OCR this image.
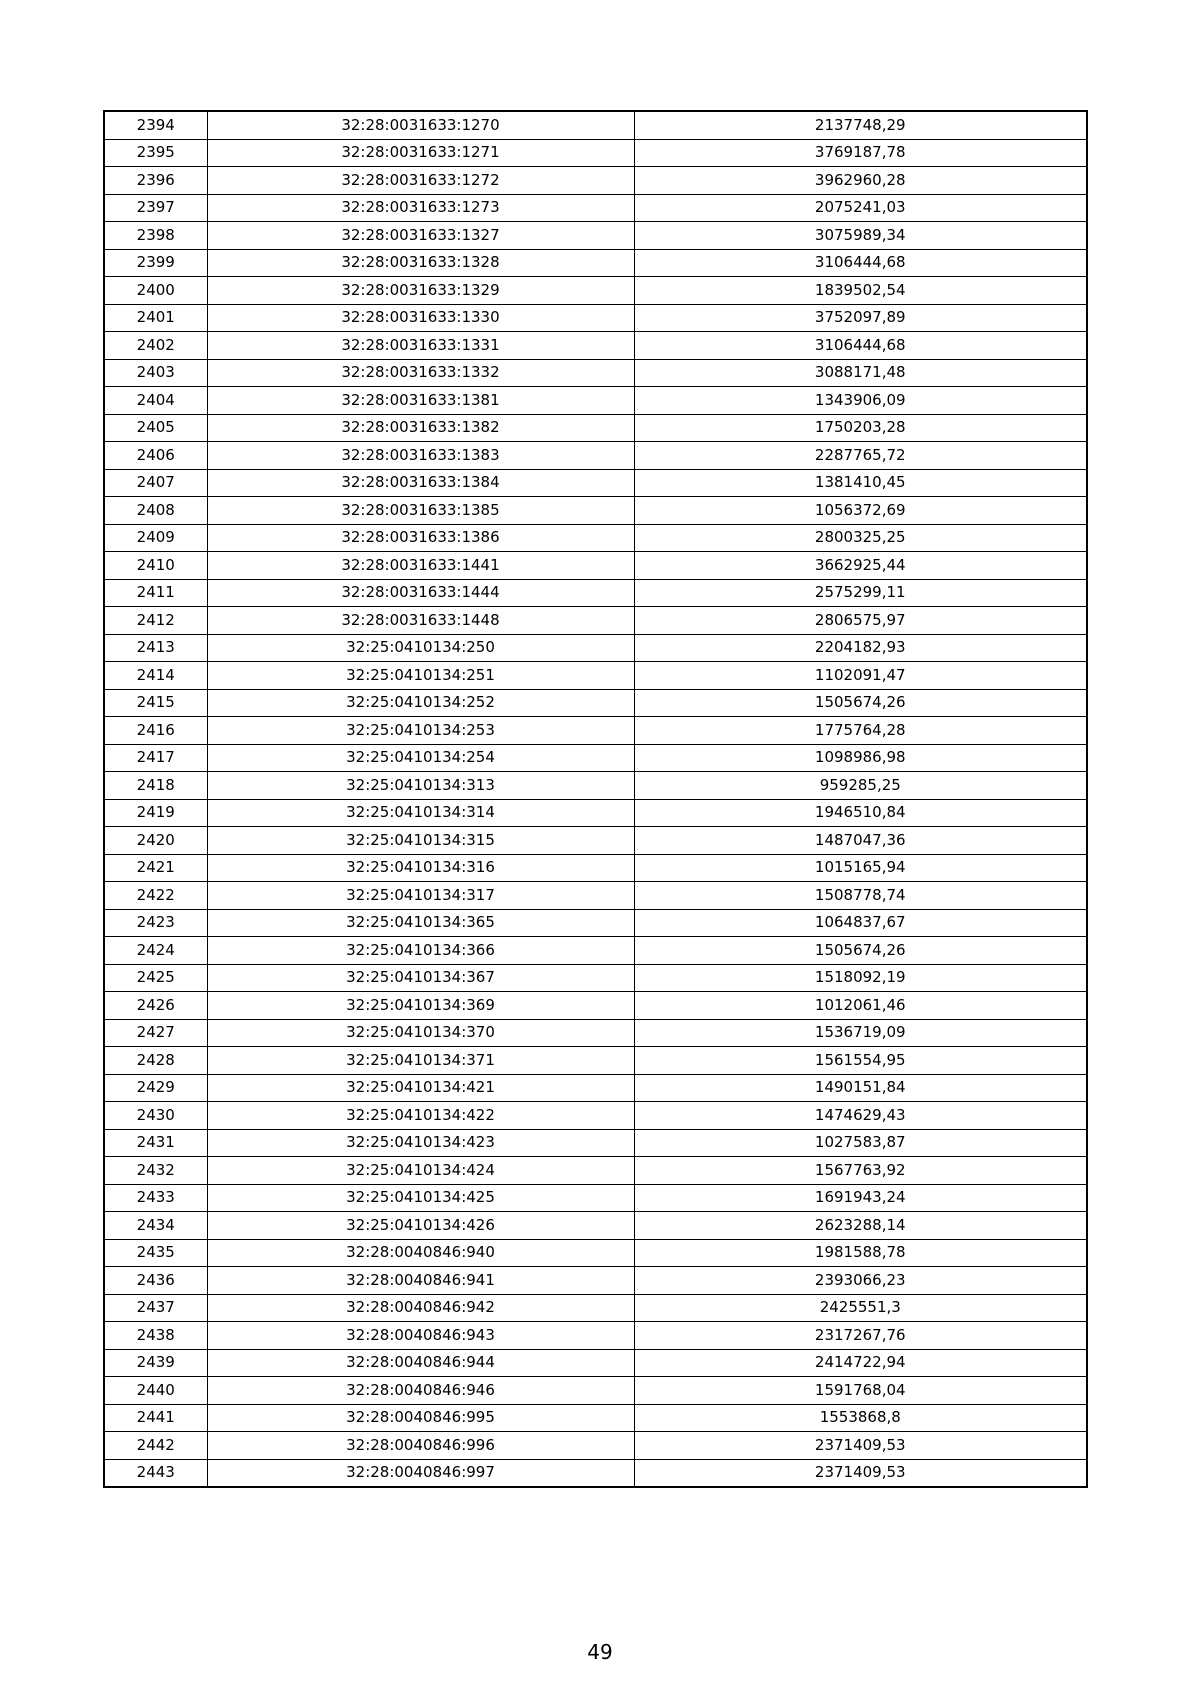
2394	32:28:0031633:1270	2137748,29
2395	32:28:0031633:1271	3769187,78
2396	32:28:0031633:1272	3962960,28
2397	32:28:0031633:1273	2075241,03
2398	32:28:0031633:1327	3075989,34
2399	32:28:0031633:1328	3106444,68
2400	32:28:0031633:1329	1839502,54
2401	32:28:0031633:1330	3752097,89
2402	32:28:0031633:1331	3106444,68
2403	32:28:0031633:1332	3088171,48
2404	32:28:0031633:1381	1343906,09
2405	32:28:0031633:1382	1750203,28
2406	32:28:0031633:1383	2287765,72
2407	32:28:0031633:1384	1381410,45
2408	32:28:0031633:1385	1056372,69
2409	32:28:0031633:1386	2800325,25
2410	32:28:0031633:1441	3662925,44
2411	32:28:0031633:1444	2575299,11
2412	32:28:0031633:1448	2806575,97
2413	32:25:0410134:250	2204182,93
2414	32:25:0410134:251	1102091,47
2415	32:25:0410134:252	1505674,26
2416	32:25:0410134:253	1775764,28
2417	32:25:0410134:254	1098986,98
2418	32:25:0410134:313	959285,25
2419	32:25:0410134:314	1946510,84
2420	32:25:0410134:315	1487047,36
2421	32:25:0410134:316	1015165,94
2422	32:25:0410134:317	1508778,74
2423	32:25:0410134:365	1064837,67
2424	32:25:0410134:366	1505674,26
2425	32:25:0410134:367	1518092,19
2426	32:25:0410134:369	1012061,46
2427	32:25:0410134:370	1536719,09
2428	32:25:0410134:371	1561554,95
2429	32:25:0410134:421	1490151,84
2430	32:25:0410134:422	1474629,43
2431	32:25:0410134:423	1027583,87
2432	32:25:0410134:424	1567763,92
2433	32:25:0410134:425	1691943,24
2434	32:25:0410134:426	2623288,14
2435	32:28:0040846:940	1981588,78
2436	32:28:0040846:941	2393066,23
2437	32:28:0040846:942	2425551,3
2438	32:28:0040846:943	2317267,76
2439	32:28:0040846:944	2414722,94
2440	32:28:0040846:946	1591768,04
2441	32:28:0040846:995	1553868,8
2442	32:28:0040846:996	2371409,53
2443	32:28:0040846:997	2371409,53
49
